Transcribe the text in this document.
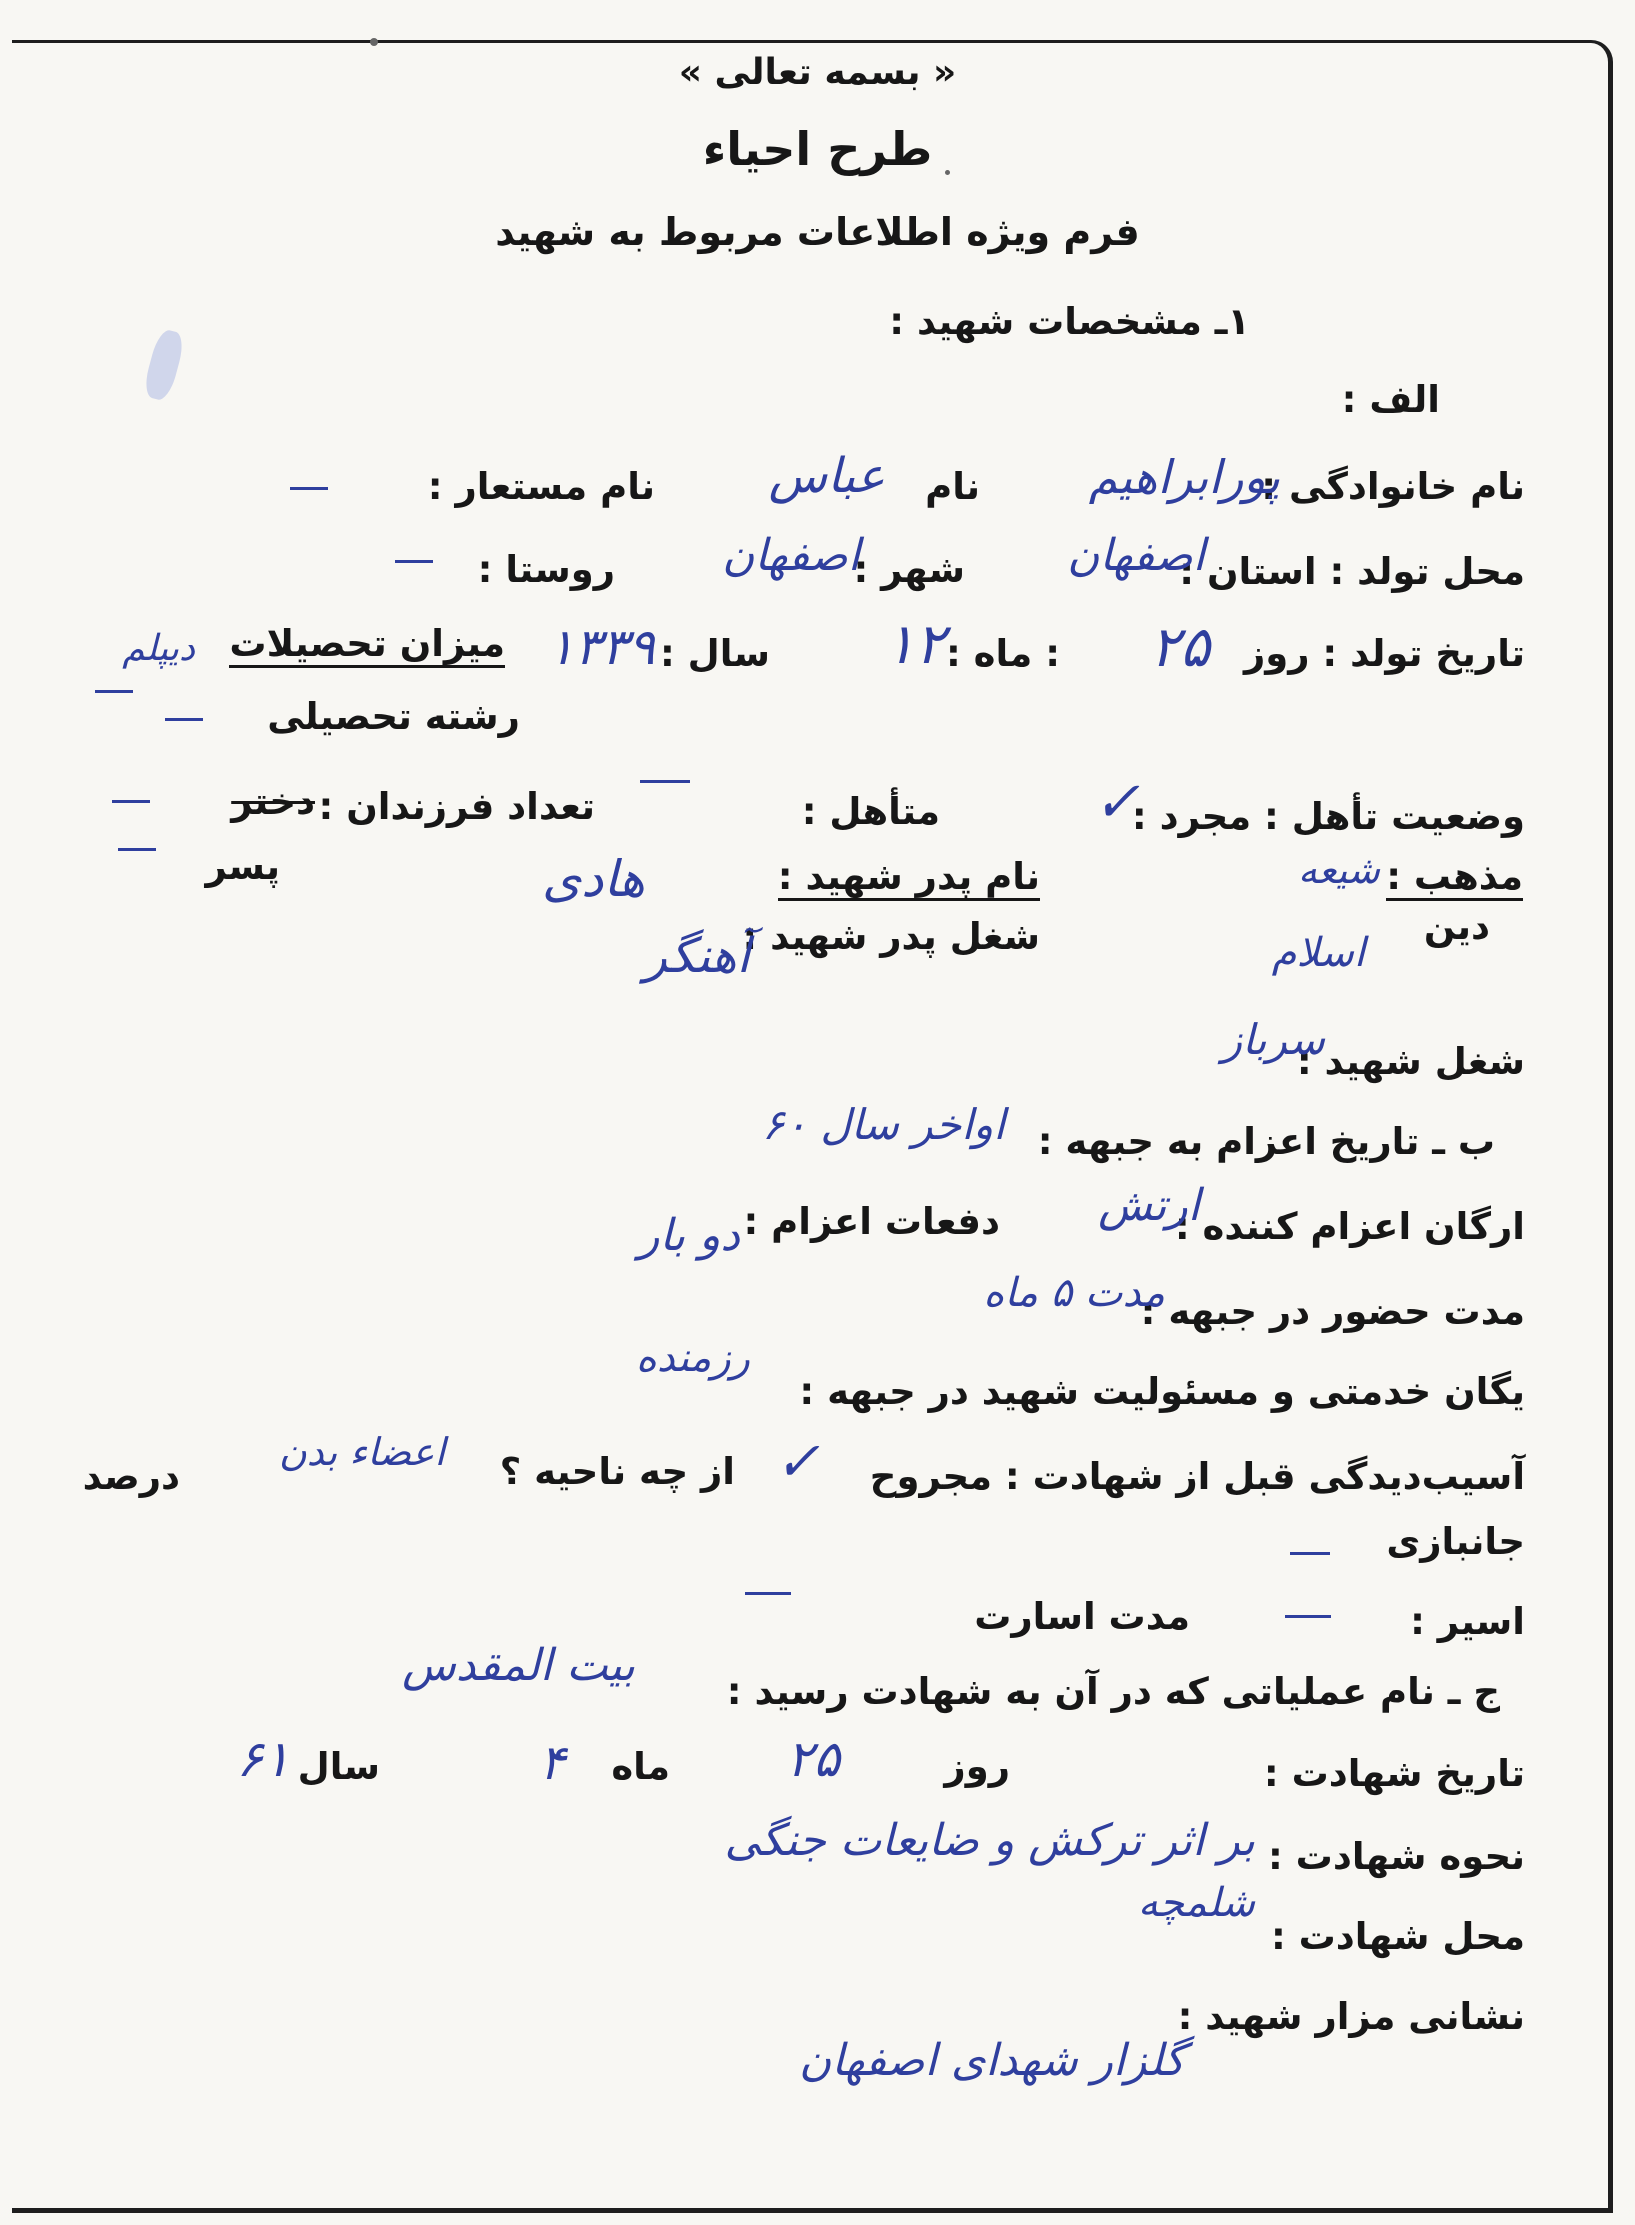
« بسمه تعالی »
طرح احیاء
فرم ویژه اطلاعات مربوط به شهید
۱ـ مشخصات شهید :
الف :
نام خانوادگی :
پورابراهیم
نام
عباس
نام مستعار :
محل تولد : استان :
اصفهان
شهر :
اصفهان
روستا :
تاریخ تولد : روز
۲۵
: ماه :
۱۲
سال :
۱۳۳۹
میزان تحصیلات
دیپلم
رشته تحصیلی
وضعیت تأهل : مجرد :
✓
متأهل :
تعداد فرزندان :
دختر
پسر	مذهب :
شیعه
دین
اسلام
نام پدر شهید :
هادی
شغل پدر شهید :
آهنگر
شغل شهید :
سرباز
ب ـ تاریخ اعزام به جبهه :
اواخر سال ۶۰
ارگان اعزام کننده :
ارتش
دفعات اعزام :
دو بار
مدت حضور در جبهه :
مدت ۵ ماه
یگان خدمتی و مسئولیت شهید در جبهه :
رزمنده
آسیب‌دیدگی قبل از شهادت : مجروح
✓
از چه ناحیه ؟
اعضاء بدن
درصد
جانبازی
اسیر :
مدت اسارت
ج ـ نام عملیاتی که در آن به شهادت رسید :
بیت المقدس
تاریخ شهادت :
روز
۲۵
ماه
۴
سال
۶۱
نحوه شهادت :
بر اثر ترکش و ضایعات جنگی
محل شهادت :
شلمچه
نشانی مزار شهید :
گلزار شهدای اصفهان
